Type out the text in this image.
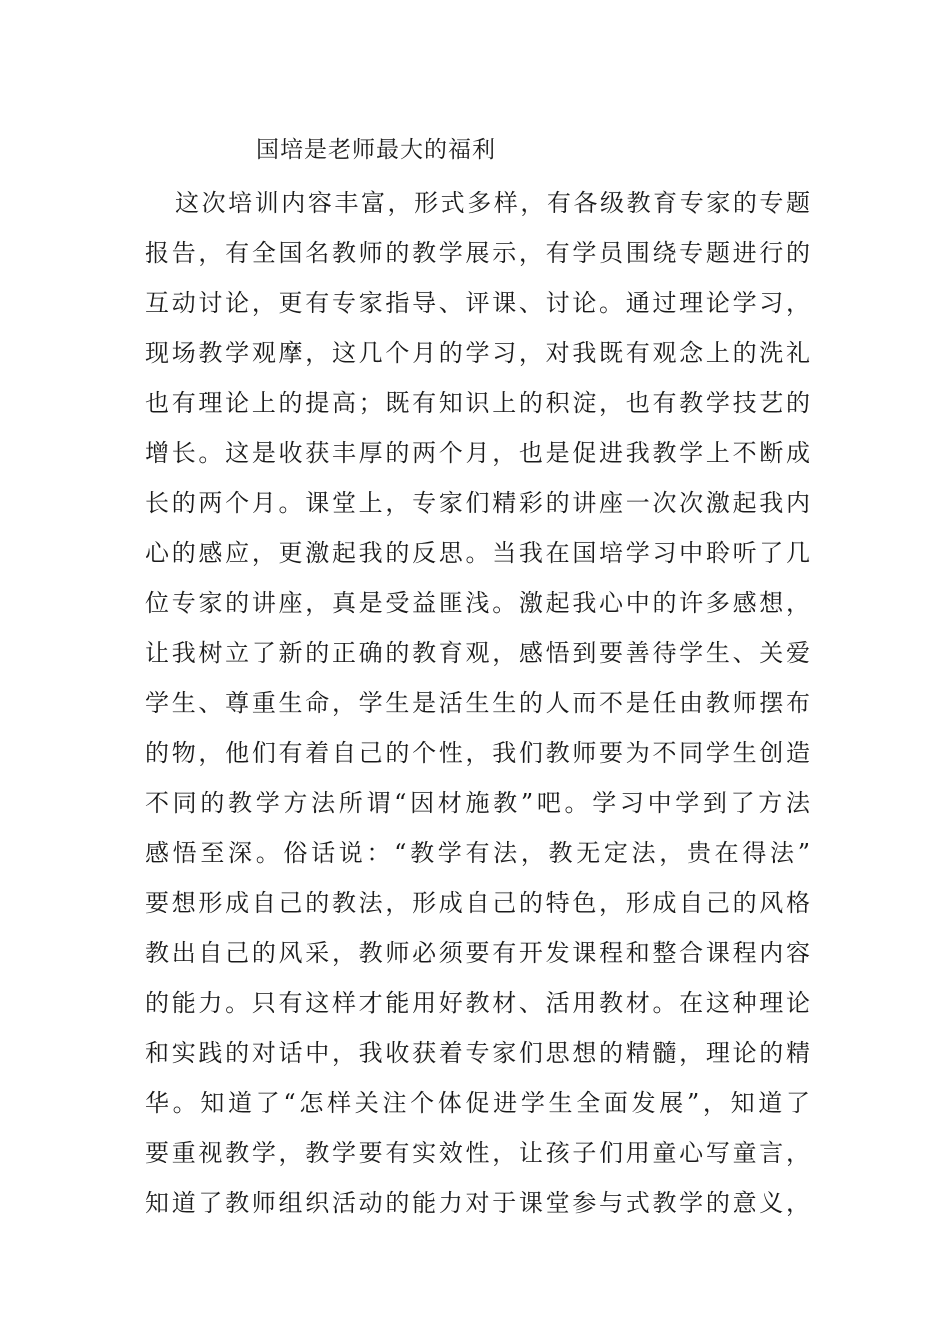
国培是老师最大的福利
这次培训内容丰富，形式多样，有各级教育专家的专题
报告，有全国名教师的教学展示，有学员围绕专题进行的
互动讨论，更有专家指导、评课、讨论。通过理论学习，
现场教学观摩，这几个月的学习，对我既有观念上的洗礼
也有理论上的提高；既有知识上的积淀，也有教学技艺的
增长。这是收获丰厚的两个月，也是促进我教学上不断成
长的两个月。课堂上，专家们精彩的讲座一次次激起我内
心的感应，更激起我的反思。当我在国培学习中聆听了几
位专家的讲座，真是受益匪浅。激起我心中的许多感想，
让我树立了新的正确的教育观，感悟到要善待学生、关爱
学生、尊重生命，学生是活生生的人而不是任由教师摆布
的物，他们有着自己的个性，我们教师要为不同学生创造
不同的教学方法所谓“因材施教”吧。学习中学到了方法
感悟至深。俗话说：“教学有法，教无定法，贵在得法”
要想形成自己的教法，形成自己的特色，形成自己的风格
教出自己的风采，教师必须要有开发课程和整合课程内容
的能力。只有这样才能用好教材、活用教材。在这种理论
和实践的对话中，我收获着专家们思想的精髓，理论的精
华。知道了“怎样关注个体促进学生全面发展”，知道了
要重视教学，教学要有实效性，让孩子们用童心写童言，
知道了教师组织活动的能力对于课堂参与式教学的意义，
